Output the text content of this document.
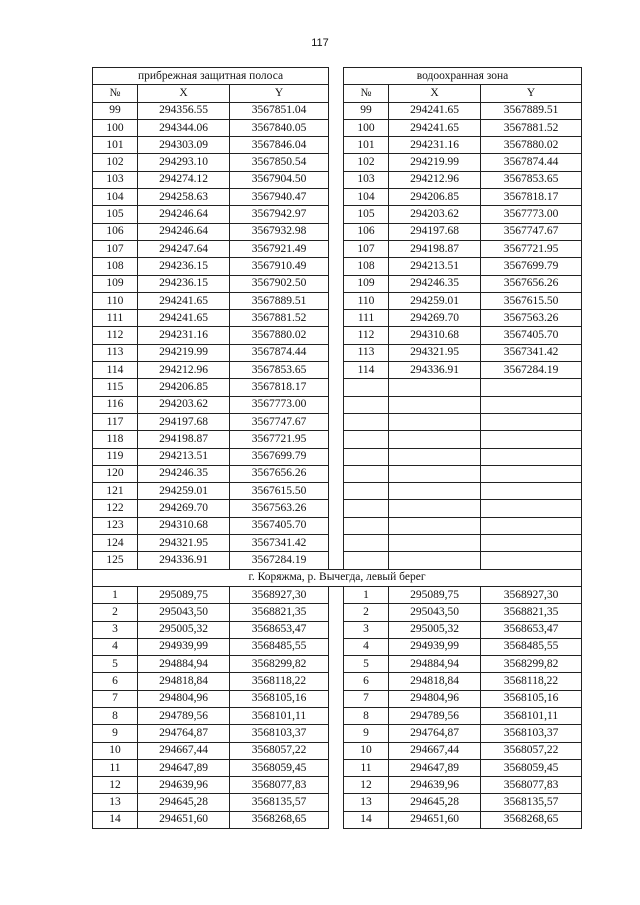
117
прибрежная защитная полоса				водоохранная зона		
№	X	Y		№	X	Y
99	294356.55	3567851.04		99	294241.65	3567889.51
100	294344.06	3567840.05		100	294241.65	3567881.52
101	294303.09	3567846.04		101	294231.16	3567880.02
102	294293.10	3567850.54		102	294219.99	3567874.44
103	294274.12	3567904.50		103	294212.96	3567853.65
104	294258.63	3567940.47		104	294206.85	3567818.17
105	294246.64	3567942.97		105	294203.62	3567773.00
106	294246.64	3567932.98		106	294197.68	3567747.67
107	294247.64	3567921.49		107	294198.87	3567721.95
108	294236.15	3567910.49		108	294213.51	3567699.79
109	294236.15	3567902.50		109	294246.35	3567656.26
110	294241.65	3567889.51		110	294259.01	3567615.50
111	294241.65	3567881.52		111	294269.70	3567563.26
112	294231.16	3567880.02		112	294310.68	3567405.70
113	294219.99	3567874.44		113	294321.95	3567341.42
114	294212.96	3567853.65		114	294336.91	3567284.19
115	294206.85	3567818.17				
116	294203.62	3567773.00				
117	294197.68	3567747.67				
118	294198.87	3567721.95				
119	294213.51	3567699.79				
120	294246.35	3567656.26				
121	294259.01	3567615.50				
122	294269.70	3567563.26				
123	294310.68	3567405.70				
124	294321.95	3567341.42				
125	294336.91	3567284.19				
г. Коряжма, р. Вычегда, левый берег						
1	295089,75	3568927,30		1	295089,75	3568927,30
2	295043,50	3568821,35		2	295043,50	3568821,35
3	295005,32	3568653,47		3	295005,32	3568653,47
4	294939,99	3568485,55		4	294939,99	3568485,55
5	294884,94	3568299,82		5	294884,94	3568299,82
6	294818,84	3568118,22		6	294818,84	3568118,22
7	294804,96	3568105,16		7	294804,96	3568105,16
8	294789,56	3568101,11		8	294789,56	3568101,11
9	294764,87	3568103,37		9	294764,87	3568103,37
10	294667,44	3568057,22		10	294667,44	3568057,22
11	294647,89	3568059,45		11	294647,89	3568059,45
12	294639,96	3568077,83		12	294639,96	3568077,83
13	294645,28	3568135,57		13	294645,28	3568135,57
14	294651,60	3568268,65		14	294651,60	3568268,65
